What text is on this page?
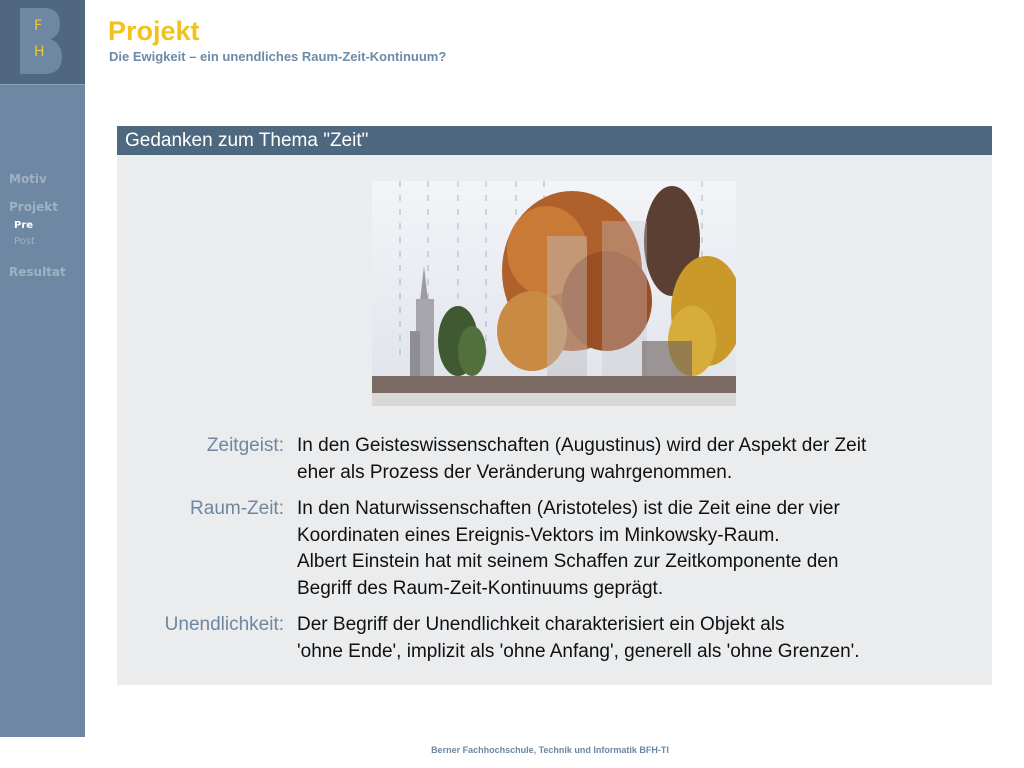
F
H
Motiv
Projekt
Pre
Post
Resultat
Projekt
Die Ewigkeit – ein unendliches Raum-Zeit-Kontinuum?
Gedanken zum Thema "Zeit"
Zeitgeist: In den Geisteswissenschaften (Augustinus) wird der Aspekt der Zeit
eher als Prozess der Veränderung wahrgenommen.
Raum-Zeit: In den Naturwissenschaften (Aristoteles) ist die Zeit eine der vier
Koordinaten eines Ereignis-Vektors im Minkowsky-Raum.
Albert Einstein hat mit seinem Schaffen zur Zeitkomponente den
Begriff des Raum-Zeit-Kontinuums geprägt.
Unendlichkeit: Der Begriff der Unendlichkeit charakterisiert ein Objekt als
'ohne Ende', implizit als 'ohne Anfang', generell als 'ohne Grenzen'.
Berner Fachhochschule, Technik und Informatik BFH-TI
